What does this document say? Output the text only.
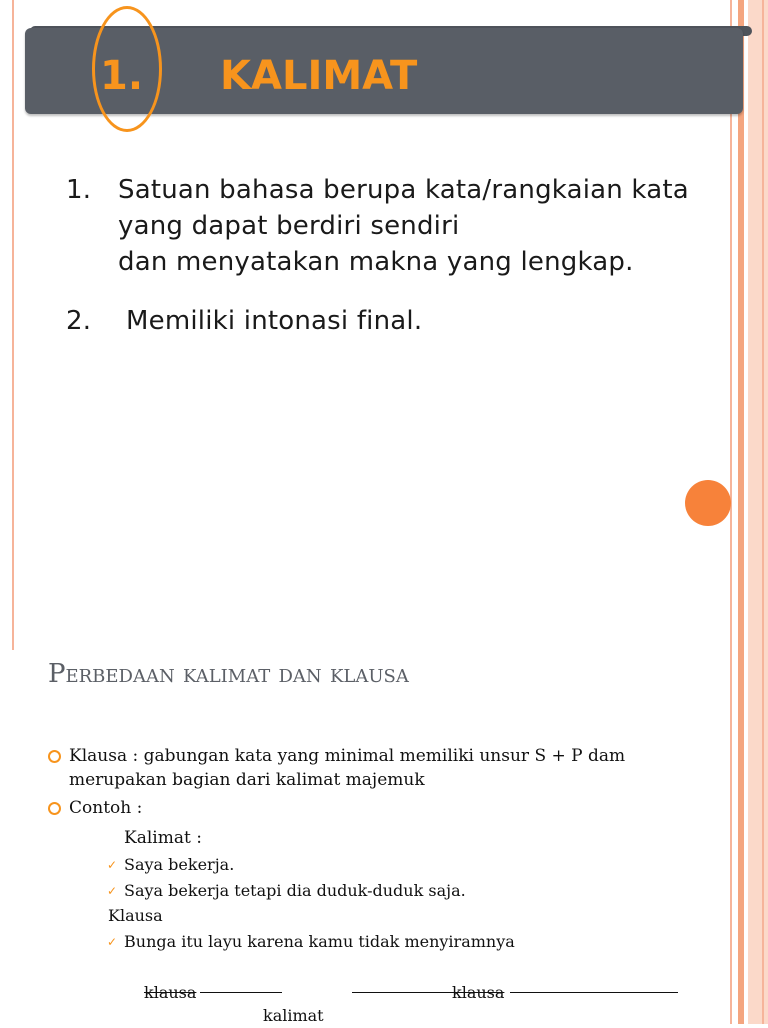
1. KALIMAT
1. Satuan bahasa berupa kata/rangkaian kata
yang dapat berdiri sendiri
dan menyatakan makna yang lengkap.
2. Memiliki intonasi final.
Perbedaan kalimat dan klausa
Klausa : gabungan kata yang minimal memiliki unsur S + P dam
merupakan bagian dari kalimat majemuk
Contoh :
Kalimat :
✓ Saya bekerja.
✓ Saya bekerja tetapi dia duduk-duduk saja.
Klausa
✓ Bunga itu layu karena kamu tidak menyiramnya
klausa	klausa
kalimat
